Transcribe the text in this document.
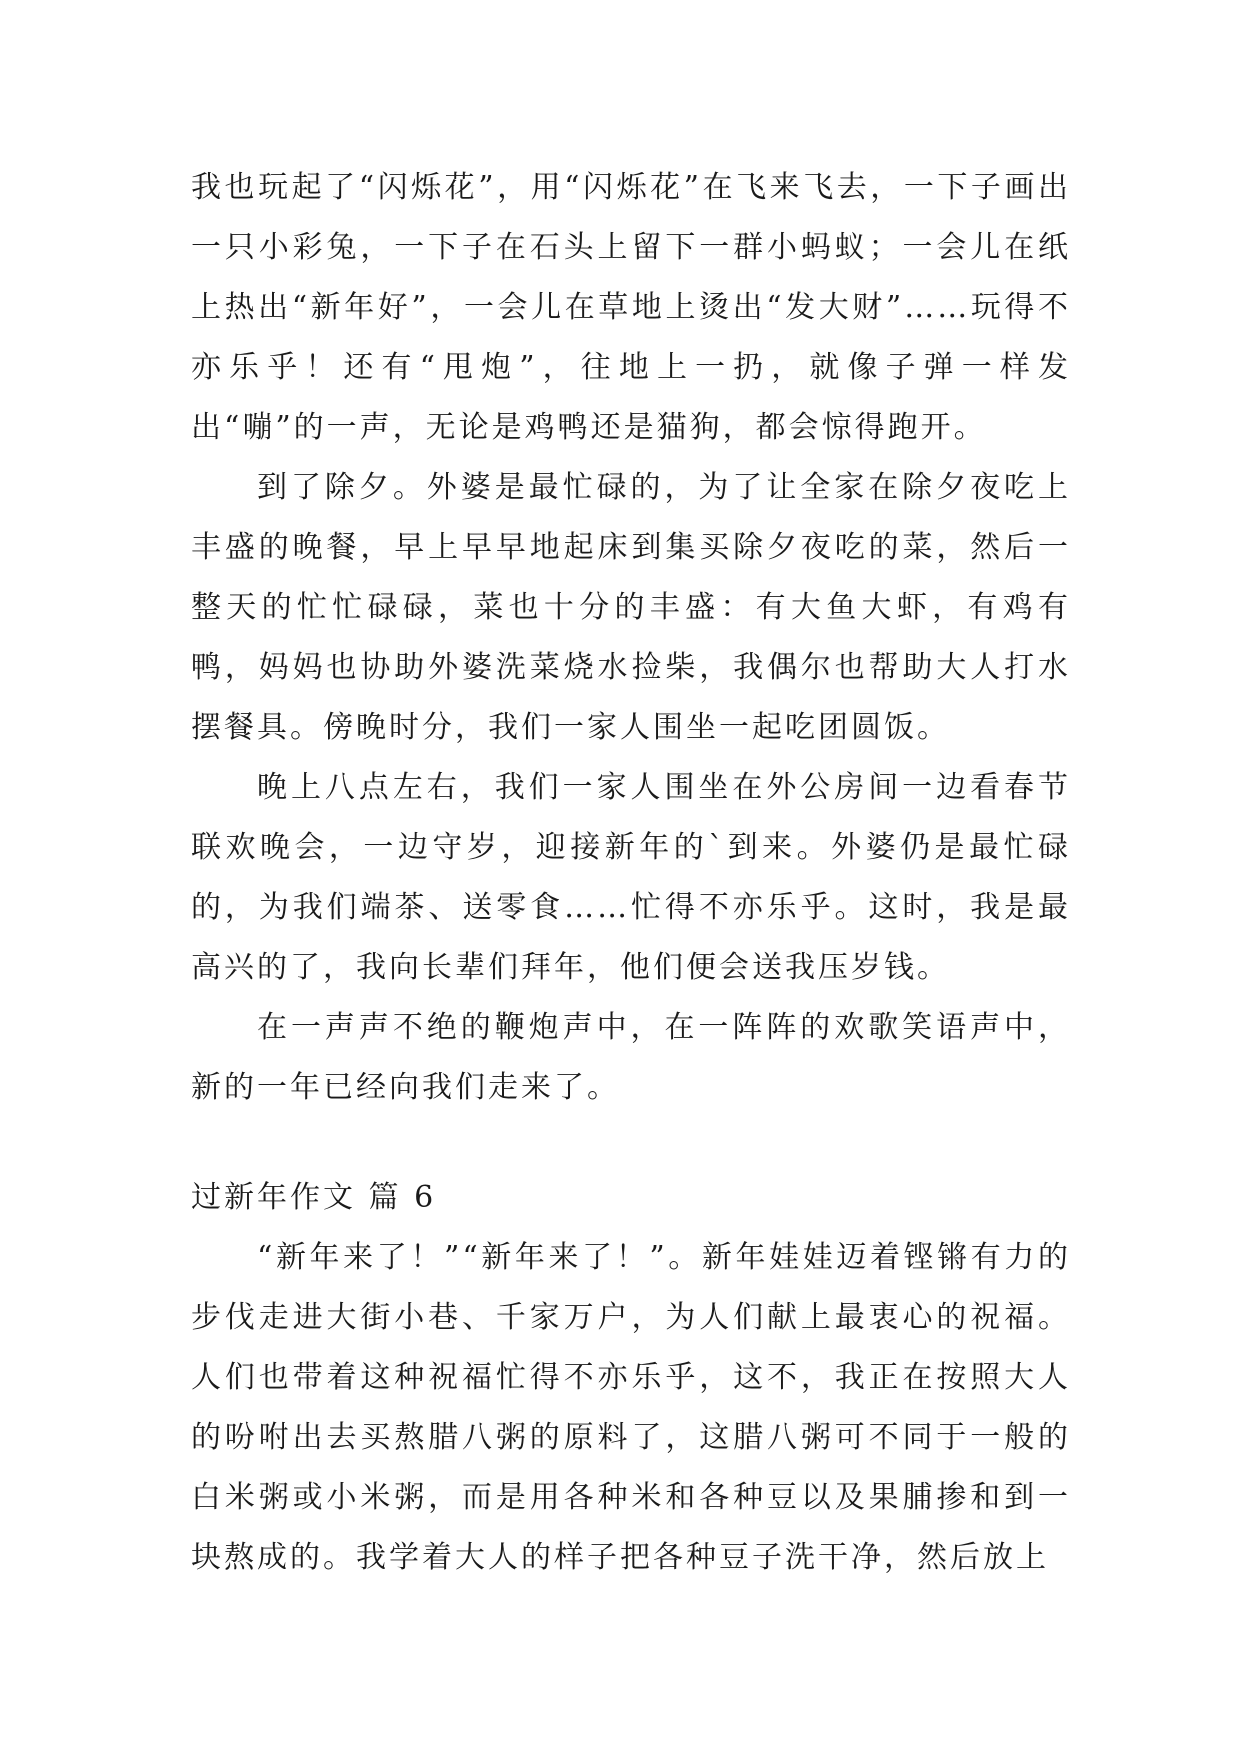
我也玩起了“闪烁花”，用“闪烁花”在飞来飞去，一下子画出一只小彩兔，一下子在石头上留下一群小蚂蚁；一会儿在纸上热出“新年好”，一会儿在草地上烫出“发大财”……玩得不亦乐乎！还有“甩炮”，往地上一扔，就像子弹一样发出“嘣”的一声，无论是鸡鸭还是猫狗，都会惊得跑开。

到了除夕。外婆是最忙碌的，为了让全家在除夕夜吃上丰盛的晚餐，早上早早地起床到集买除夕夜吃的菜，然后一整天的忙忙碌碌，菜也十分的丰盛：有大鱼大虾，有鸡有鸭，妈妈也协助外婆洗菜烧水捡柴，我偶尔也帮助大人打水摆餐具。傍晚时分，我们一家人围坐一起吃团圆饭。

晚上八点左右，我们一家人围坐在外公房间一边看春节联欢晚会，一边守岁，迎接新年的`到来。外婆仍是最忙碌的，为我们端茶、送零食……忙得不亦乐乎。这时，我是最高兴的了，我向长辈们拜年，他们便会送我压岁钱。

在一声声不绝的鞭炮声中，在一阵阵的欢歌笑语声中，新的一年已经向我们走来了。

过新年作文 篇 6

“新年来了！”“新年来了！”。新年娃娃迈着铿锵有力的步伐走进大街小巷、千家万户，为人们献上最衷心的祝福。人们也带着这种祝福忙得不亦乐乎，这不，我正在按照大人的吩咐出去买熬腊八粥的原料了，这腊八粥可不同于一般的白米粥或小米粥，而是用各种米和各种豆以及果脯掺和到一块熬成的。我学着大人的样子把各种豆子洗干净，然后放上
